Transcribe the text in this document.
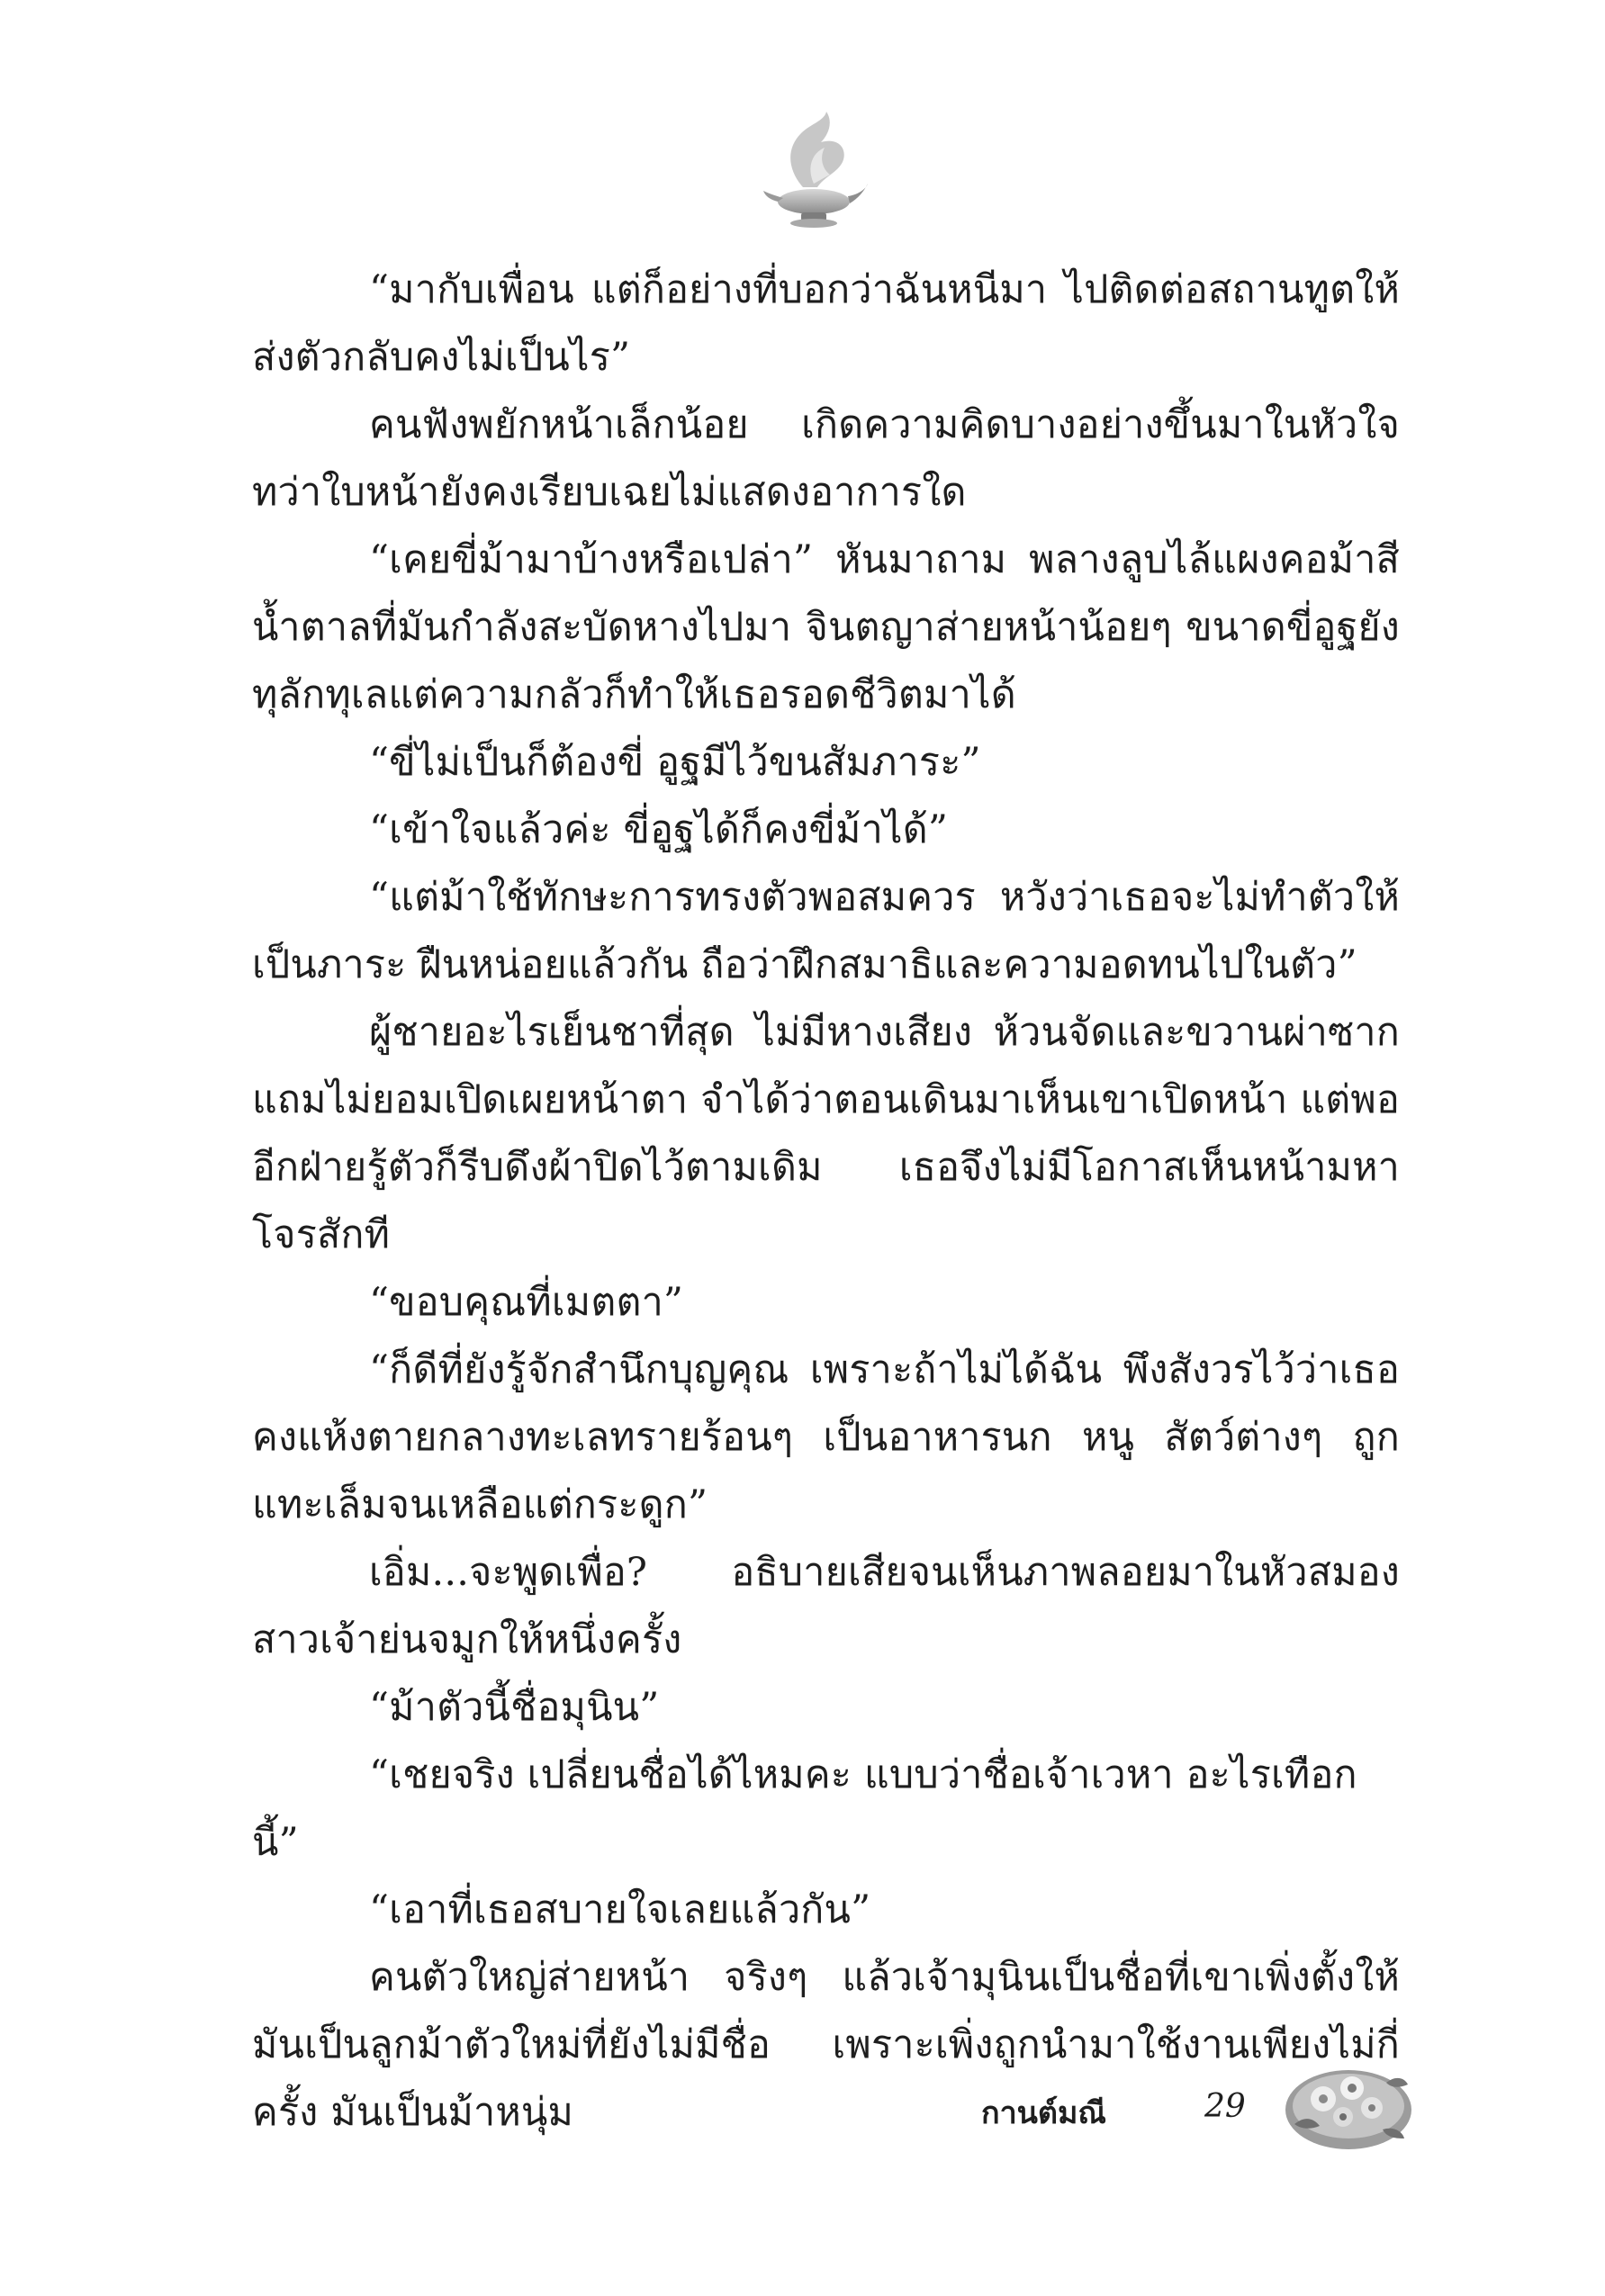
“มากับเพื่อน แต่ก็อย่างที่บอกว่าฉันหนีมา ไปติดต่อสถานทูตให้ส่งตัวกลับคงไม่เป็นไร”

คนฟังพยักหน้าเล็กน้อย เกิดความคิดบางอย่างขึ้นมาในหัวใจ ทว่าใบหน้ายังคงเรียบเฉยไม่แสดงอาการใด

“เคยขี่ม้ามาบ้างหรือเปล่า” หันมาถาม พลางลูบไล้แผงคอม้าสีน้ำตาลที่มันกำลังสะบัดหางไปมา จินตญาส่ายหน้าน้อยๆ ขนาดขี่อูฐยังทุลักทุเลแต่ความกลัวก็ทำให้เธอรอดชีวิตมาได้

“ขี่ไม่เป็นก็ต้องขี่ อูฐมีไว้ขนสัมภาระ”

“เข้าใจแล้วค่ะ ขี่อูฐได้ก็คงขี่ม้าได้”

“แต่ม้าใช้ทักษะการทรงตัวพอสมควร หวังว่าเธอจะไม่ทำตัวให้เป็นภาระ ฝืนหน่อยแล้วกัน ถือว่าฝึกสมาธิและความอดทนไปในตัว”

ผู้ชายอะไรเย็นชาที่สุด ไม่มีหางเสียง ห้วนจัดและขวานผ่าซาก แถมไม่ยอมเปิดเผยหน้าตา จำได้ว่าตอนเดินมาเห็นเขาเปิดหน้า แต่พออีกฝ่ายรู้ตัวก็รีบดึงผ้าปิดไว้ตามเดิม เธอจึงไม่มีโอกาสเห็นหน้ามหาโจรสักที

“ขอบคุณที่เมตตา”

“ก็ดีที่ยังรู้จักสำนึกบุญคุณ เพราะถ้าไม่ได้ฉัน พึงสังวรไว้ว่าเธอคงแห้งตายกลางทะเลทรายร้อนๆ เป็นอาหารนก หนู สัตว์ต่างๆ ถูกแทะเล็มจนเหลือแต่กระดูก”

เอิ่ม...จะพูดเพื่อ? อธิบายเสียจนเห็นภาพลอยมาในหัวสมอง สาวเจ้าย่นจมูกให้หนึ่งครั้ง

“ม้าตัวนี้ชื่อมุนิน”

“เชยจริง เปลี่ยนชื่อได้ไหมคะ แบบว่าชื่อเจ้าเวหา อะไรเทือกนี้”

“เอาที่เธอสบายใจเลยแล้วกัน”

คนตัวใหญ่ส่ายหน้า จริงๆ แล้วเจ้ามุนินเป็นชื่อที่เขาเพิ่งตั้งให้ มันเป็นลูกม้าตัวใหม่ที่ยังไม่มีชื่อ เพราะเพิ่งถูกนำมาใช้งานเพียงไม่กี่ครั้ง มันเป็นม้าหนุ่ม	กานต์มณี	29
